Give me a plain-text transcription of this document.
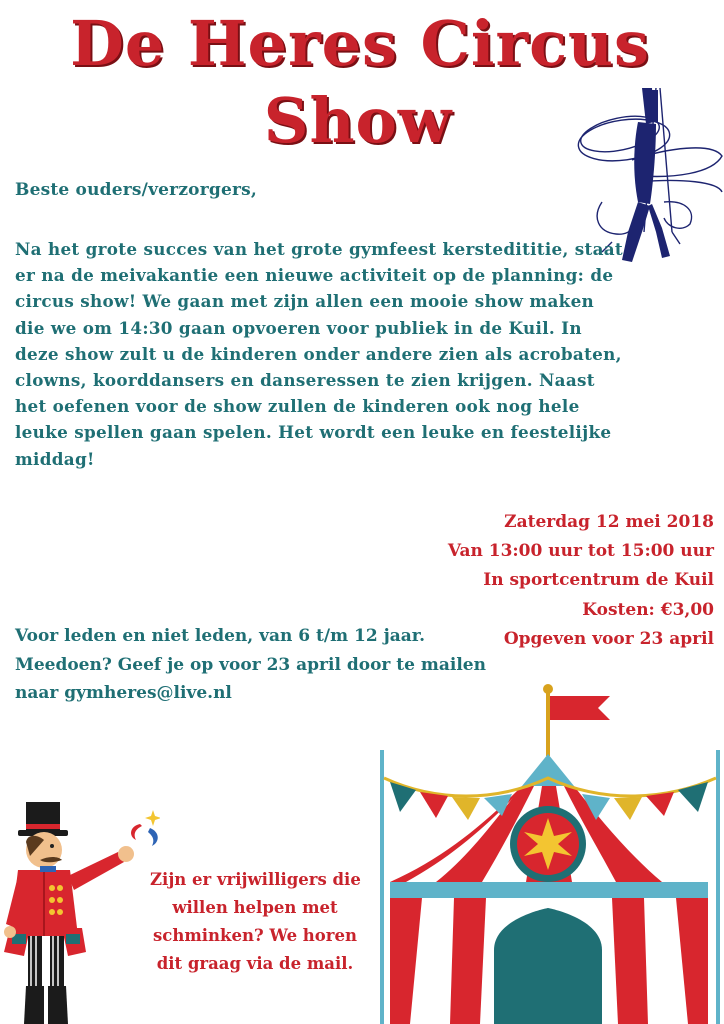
De Heres Circus
Show
Beste ouders/verzorgers,
Na het grote succes van het grote gymfeest kerstedititie, staat
er na de meivakantie een nieuwe activiteit op de planning: de
circus show! We gaan met zijn allen een mooie show maken
die we om 14:30 gaan opvoeren voor publiek in de Kuil. In
deze show zult u de kinderen onder andere zien als acrobaten,
clowns, koorddansers en danseressen te zien krijgen. Naast
het oefenen voor de show zullen de kinderen ook nog hele
leuke spellen gaan spelen. Het wordt een leuke en feestelijke
middag!
Zaterdag 12 mei 2018
Van 13:00 uur tot 15:00 uur
In sportcentrum de Kuil
Kosten: €3,00
Opgeven voor 23 april
Voor leden en niet leden, van 6 t/m 12 jaar.
Meedoen? Geef je op voor 23 april door te mailen
naar gymheres@live.nl
Zijn er vrijwilligers die
willen helpen met
schminken? We horen
dit graag via de mail.
